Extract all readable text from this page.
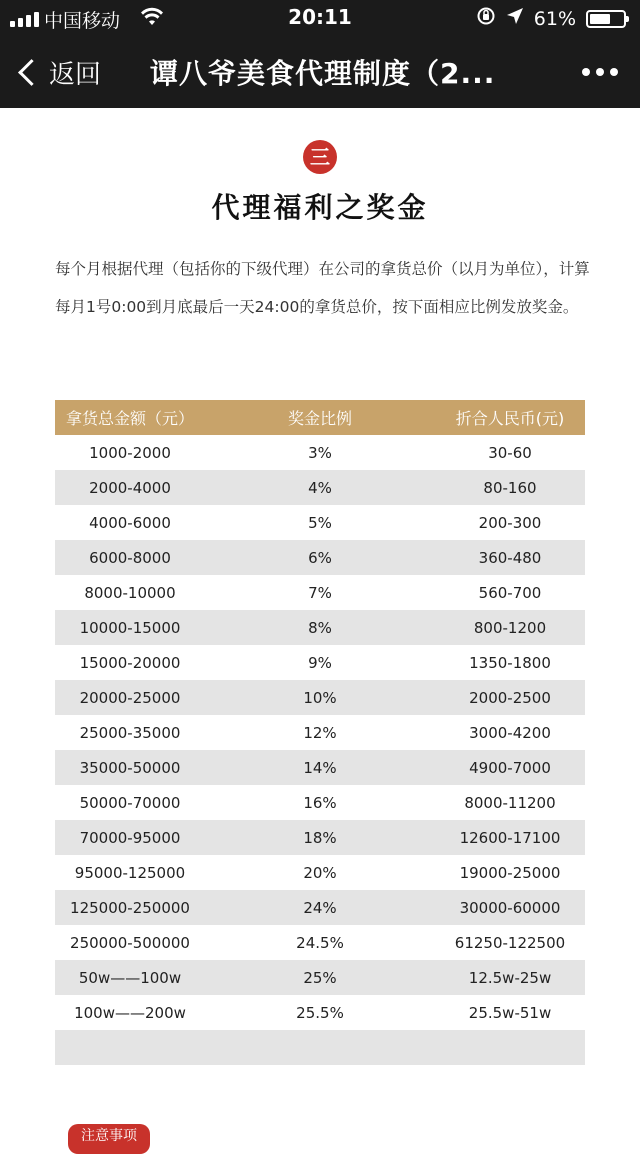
中国移动	20:11	61%
返回 谭八爷美食代理制度（2...
三
代理福利之奖金
每个月根据代理（包括你的下级代理）在公司的拿货总价（以月为单位），计算每月1号0:00到月底最后一天24:00的拿货总价，按下面相应比例发放奖金。
拿货总金额（元）	奖金比例	折合人民币(元)
1000-2000	3%	30-60
2000-4000	4%	80-160
4000-6000	5%	200-300
6000-8000	6%	360-480
8000-10000	7%	560-700
10000-15000	8%	800-1200
15000-20000	9%	1350-1800
20000-25000	10%	2000-2500
25000-35000	12%	3000-4200
35000-50000	14%	4900-7000
50000-70000	16%	8000-11200
70000-95000	18%	12600-17100
95000-125000	20%	19000-25000
125000-250000	24%	30000-60000
250000-500000	24.5%	61250-122500
50w——100w	25%	12.5w-25w
100w——200w	25.5%	25.5w-51w
注意事项
